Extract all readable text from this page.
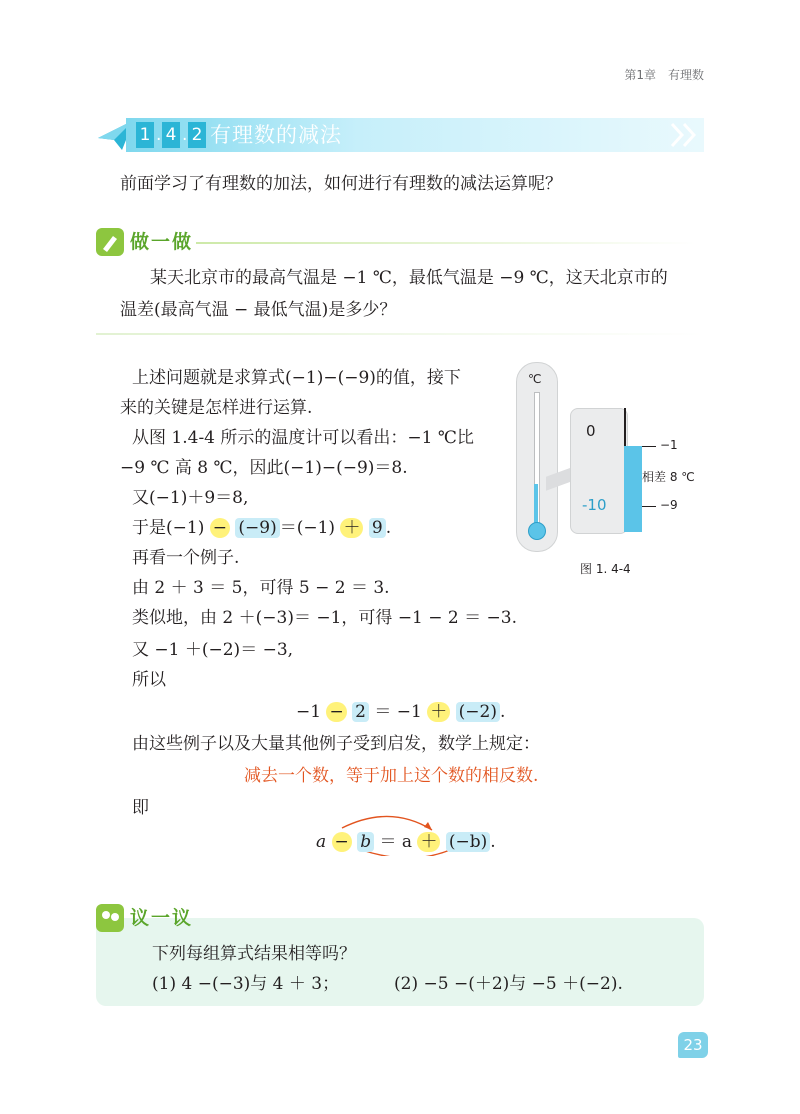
第1章　有理数
1 . 4 . 2 有理数的减法
前面学习了有理数的加法，如何进行有理数的减法运算呢？
做一做
某天北京市的最高气温是 −1 ℃，最低气温是 −9 ℃，这天北京市的
温差(最高气温 − 最低气温)是多少？
上述问题就是求算式(−1)−(−9)的值，接下
来的关键是怎样进行运算.
从图 1.4-4 所示的温度计可以看出：−1 ℃比
−9 ℃ 高 8 ℃，因此(−1)−(−9)＝8.
又(−1)＋9＝8,
于是(−1) − (−9) ＝(−1) ＋ 9 .
再看一个例子.
由 2 ＋ 3 ＝ 5，可得 5 − 2 ＝ 3.
类似地，由 2 ＋(−3)＝ −1，可得 −1 − 2 ＝ −3.
又 −1 ＋(−2)＝ −3,
所以
−1 − 2 ＝ −1 ＋ (−2) .
由这些例子以及大量其他例子受到启发，数学上规定：
减去一个数，等于加上这个数的相反数.
即
a − b ＝ a ＋ (−b) .
℃
0
-10
−1
−9
相差 8 ℃
图 1. 4-4
议一议
下列每组算式结果相等吗？
(1) 4 −(−3)与 4 ＋ 3；	(2) −5 −(＋2)与 −5 ＋(−2).
23
